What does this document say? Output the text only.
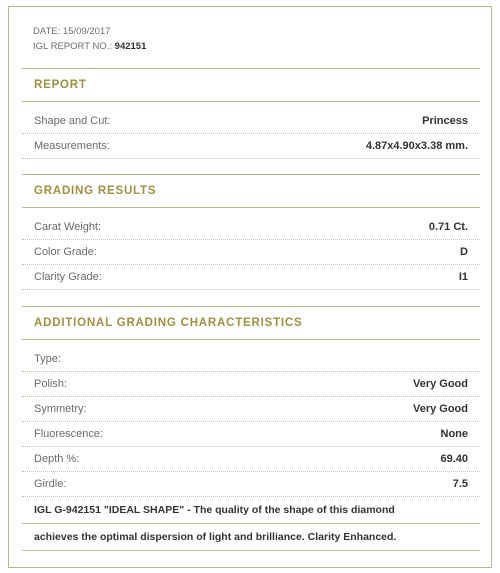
DATE: 15/09/2017
IGL REPORT NO.: 942151
REPORT
Shape and Cut:	Princess
Measurements:	4.87x4.90x3.38 mm.
GRADING RESULTS
Carat Weight:	0.71 Ct.
Color Grade:	D
Clarity Grade:	I1
ADDITIONAL GRADING CHARACTERISTICS
Type:
Polish:	Very Good
Symmetry:	Very Good
Fluorescence:	None
Depth %:	69.40
Girdle:	7.5
IGL G-942151 "IDEAL SHAPE" - The quality of the shape of this diamond
achieves the optimal dispersion of light and brilliance. Clarity Enhanced.
